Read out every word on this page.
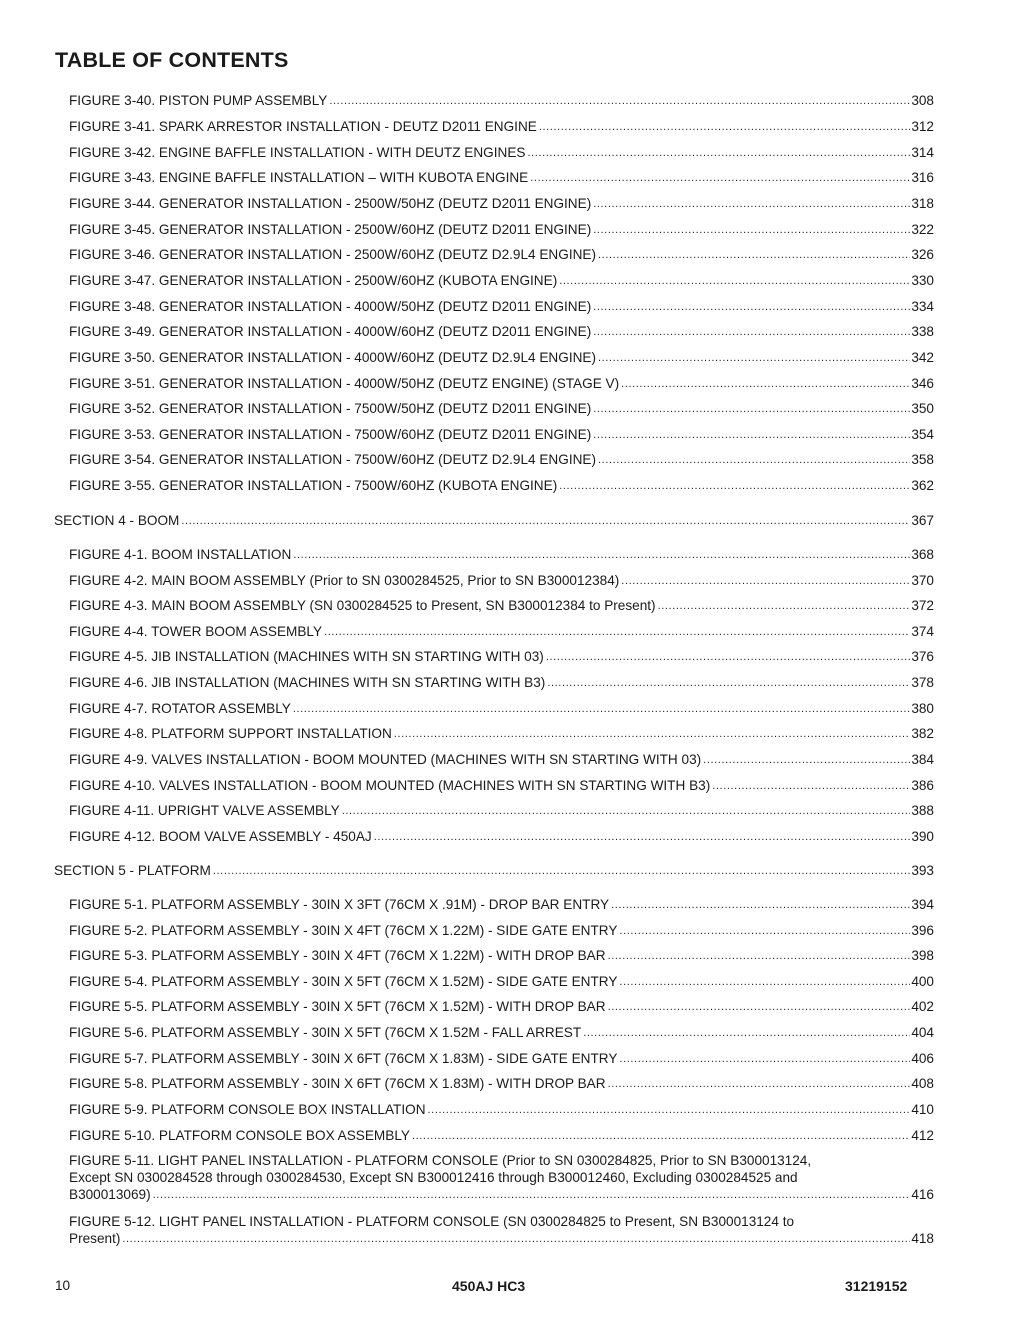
TABLE OF CONTENTS
FIGURE 3-40. PISTON PUMP ASSEMBLY .....	308
FIGURE 3-41. SPARK ARRESTOR INSTALLATION - DEUTZ D2011 ENGINE .....	312
FIGURE 3-42. ENGINE BAFFLE INSTALLATION - WITH DEUTZ ENGINES .....	314
FIGURE 3-43. ENGINE BAFFLE INSTALLATION – WITH KUBOTA ENGINE .....	316
FIGURE 3-44. GENERATOR INSTALLATION - 2500W/50HZ (DEUTZ D2011 ENGINE) .....	318
FIGURE 3-45. GENERATOR INSTALLATION - 2500W/60HZ (DEUTZ D2011 ENGINE) .....	322
FIGURE 3-46. GENERATOR INSTALLATION - 2500W/60HZ (DEUTZ D2.9L4 ENGINE) .....	326
FIGURE 3-47. GENERATOR INSTALLATION - 2500W/60HZ (KUBOTA ENGINE) .....	330
FIGURE 3-48. GENERATOR INSTALLATION - 4000W/50HZ (DEUTZ D2011 ENGINE) .....	334
FIGURE 3-49. GENERATOR INSTALLATION - 4000W/60HZ (DEUTZ D2011 ENGINE) .....	338
FIGURE 3-50. GENERATOR INSTALLATION - 4000W/60HZ (DEUTZ D2.9L4 ENGINE) .....	342
FIGURE 3-51. GENERATOR INSTALLATION - 4000W/50HZ (DEUTZ ENGINE) (STAGE V) .....	346
FIGURE 3-52. GENERATOR INSTALLATION - 7500W/50HZ (DEUTZ D2011 ENGINE) .....	350
FIGURE 3-53. GENERATOR INSTALLATION - 7500W/60HZ (DEUTZ D2011 ENGINE) .....	354
FIGURE 3-54. GENERATOR INSTALLATION - 7500W/60HZ (DEUTZ D2.9L4 ENGINE) .....	358
FIGURE 3-55. GENERATOR INSTALLATION - 7500W/60HZ (KUBOTA ENGINE) .....	362
SECTION 4 - BOOM .....	367
FIGURE 4-1. BOOM INSTALLATION .....	368
FIGURE 4-2. MAIN BOOM ASSEMBLY (Prior to SN 0300284525, Prior to SN B300012384) .....	370
FIGURE 4-3. MAIN BOOM ASSEMBLY (SN 0300284525 to Present, SN B300012384 to Present) .....	372
FIGURE 4-4. TOWER BOOM ASSEMBLY .....	374
FIGURE 4-5. JIB INSTALLATION (MACHINES WITH SN STARTING WITH 03) .....	376
FIGURE 4-6. JIB INSTALLATION (MACHINES WITH SN STARTING WITH B3) .....	378
FIGURE 4-7. ROTATOR ASSEMBLY .....	380
FIGURE 4-8. PLATFORM SUPPORT INSTALLATION .....	382
FIGURE 4-9. VALVES INSTALLATION - BOOM MOUNTED (MACHINES WITH SN STARTING WITH 03) .....	384
FIGURE 4-10. VALVES INSTALLATION - BOOM MOUNTED (MACHINES WITH SN STARTING WITH B3) .....	386
FIGURE 4-11. UPRIGHT VALVE ASSEMBLY .....	388
FIGURE 4-12. BOOM VALVE ASSEMBLY - 450AJ .....	390
SECTION 5 - PLATFORM .....	393
FIGURE 5-1. PLATFORM ASSEMBLY - 30IN X 3FT (76CM X .91M) - DROP BAR ENTRY .....	394
FIGURE 5-2. PLATFORM ASSEMBLY - 30IN X 4FT (76CM X 1.22M) - SIDE GATE ENTRY .....	396
FIGURE 5-3. PLATFORM ASSEMBLY - 30IN X 4FT (76CM X 1.22M) - WITH DROP BAR .....	398
FIGURE 5-4. PLATFORM ASSEMBLY - 30IN X 5FT (76CM X 1.52M) - SIDE GATE ENTRY .....	400
FIGURE 5-5. PLATFORM ASSEMBLY - 30IN X 5FT (76CM X 1.52M) - WITH DROP BAR .....	402
FIGURE 5-6. PLATFORM ASSEMBLY - 30IN X 5FT (76CM X 1.52M - FALL ARREST .....	404
FIGURE 5-7. PLATFORM ASSEMBLY - 30IN X 6FT (76CM X 1.83M) - SIDE GATE ENTRY .....	406
FIGURE 5-8. PLATFORM ASSEMBLY - 30IN X 6FT (76CM X 1.83M) - WITH DROP BAR .....	408
FIGURE 5-9. PLATFORM CONSOLE BOX INSTALLATION .....	410
FIGURE 5-10. PLATFORM CONSOLE BOX ASSEMBLY .....	412
FIGURE 5-11. LIGHT PANEL INSTALLATION - PLATFORM CONSOLE (Prior to SN 0300284825, Prior to SN B300013124,
Except SN 0300284528 through 0300284530, Except SN B300012416 through B300012460, Excluding 0300284525 and
B300013069) .....	416
FIGURE 5-12. LIGHT PANEL INSTALLATION - PLATFORM CONSOLE (SN 0300284825 to Present, SN B300013124 to
Present) .....	418
10	450AJ HC3	31219152
